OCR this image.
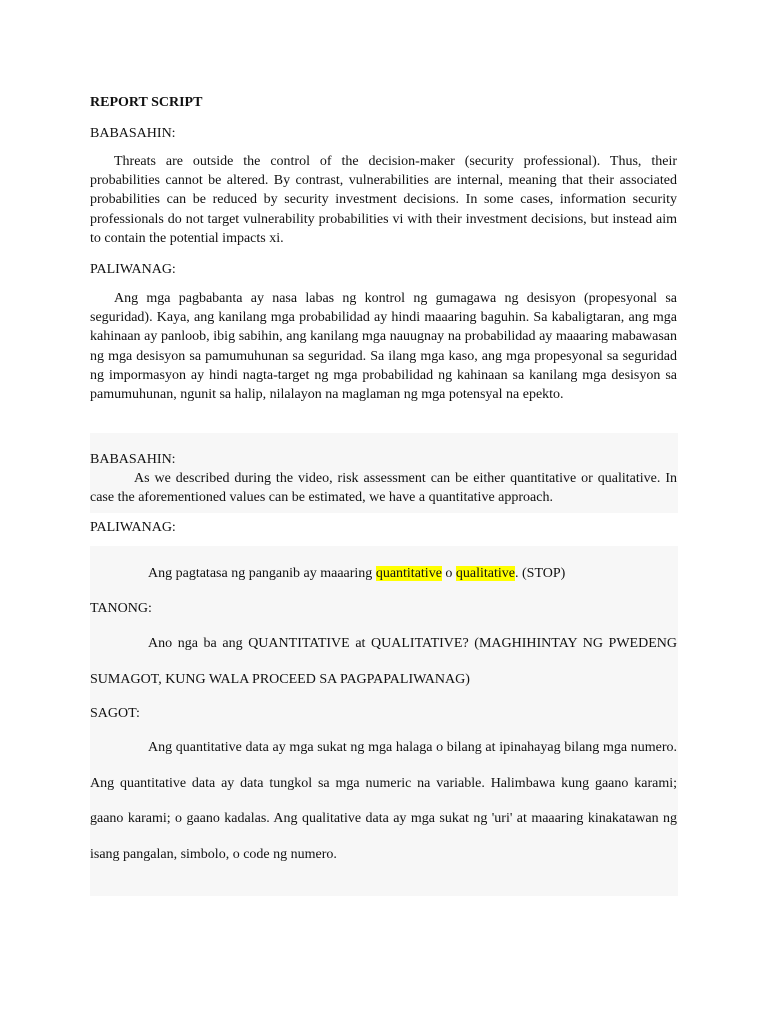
REPORT SCRIPT

BABASAHIN:

Threats are outside the control of the decision-maker (security professional). Thus, their probabilities cannot be altered. By contrast, vulnerabilities are internal, meaning that their associated probabilities can be reduced by security investment decisions. In some cases, information security professionals do not target vulnerability probabilities vi with their investment decisions, but instead aim to contain the potential impacts xi.

PALIWANAG:

Ang mga pagbabanta ay nasa labas ng kontrol ng gumagawa ng desisyon (propesyonal sa seguridad). Kaya, ang kanilang mga probabilidad ay hindi maaaring baguhin. Sa kabaligtaran, ang mga kahinaan ay panloob, ibig sabihin, ang kanilang mga nauugnay na probabilidad ay maaaring mabawasan ng mga desisyon sa pamumuhunan sa seguridad. Sa ilang mga kaso, ang mga propesyonal sa seguridad ng impormasyon ay hindi nagta-target ng mga probabilidad ng kahinaan sa kanilang mga desisyon sa pamumuhunan, ngunit sa halip, nilalayon na maglaman ng mga potensyal na epekto.

BABASAHIN:

As we described during the video, risk assessment can be either quantitative or qualitative. In case the aforementioned values can be estimated, we have a quantitative approach.

PALIWANAG:

Ang pagtatasa ng panganib ay maaaring quantitative o qualitative. (STOP)

TANONG:

Ano nga ba ang QUANTITATIVE at QUALITATIVE? (MAGHIHINTAY NG PWEDENG SUMAGOT, KUNG WALA PROCEED SA PAGPAPALIWANAG)

SAGOT:

Ang quantitative data ay mga sukat ng mga halaga o bilang at ipinahayag bilang mga numero. Ang quantitative data ay data tungkol sa mga numeric na variable. Halimbawa kung gaano karami; gaano karami; o gaano kadalas. Ang qualitative data ay mga sukat ng 'uri' at maaaring kinakatawan ng isang pangalan, simbolo, o code ng numero.
